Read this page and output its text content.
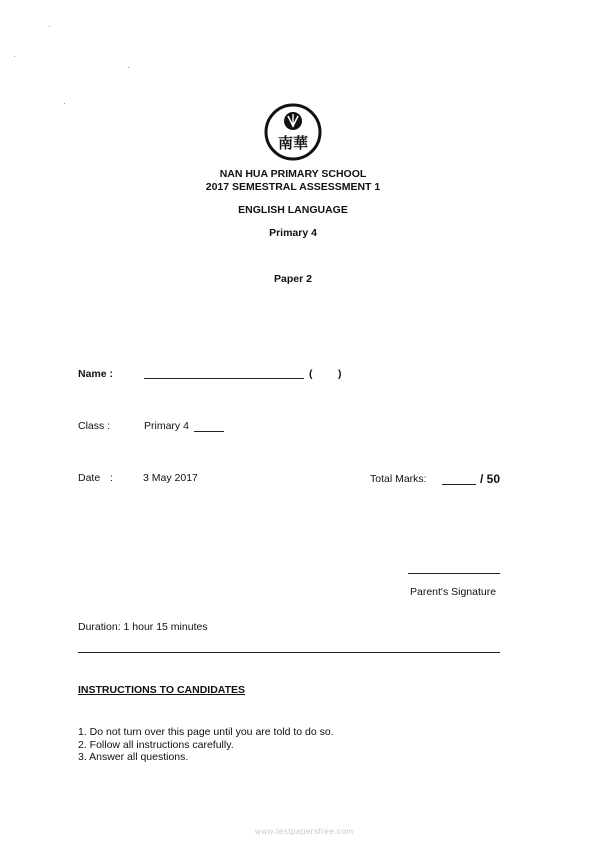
南華
NAN HUA PRIMARY SCHOOL
2017 SEMESTRAL ASSESSMENT 1
ENGLISH LANGUAGE
Primary 4
Paper 2
Name :	( )
Class :	Primary 4
Date :	3 May 2017	Total Marks:	/ 50
Parent's Signature
Duration: 1 hour 15 minutes
INSTRUCTIONS TO CANDIDATES
1. Do not turn over this page until you are told to do so.
2. Follow all instructions carefully.
3. Answer all questions.
www.testpapersfree.com
